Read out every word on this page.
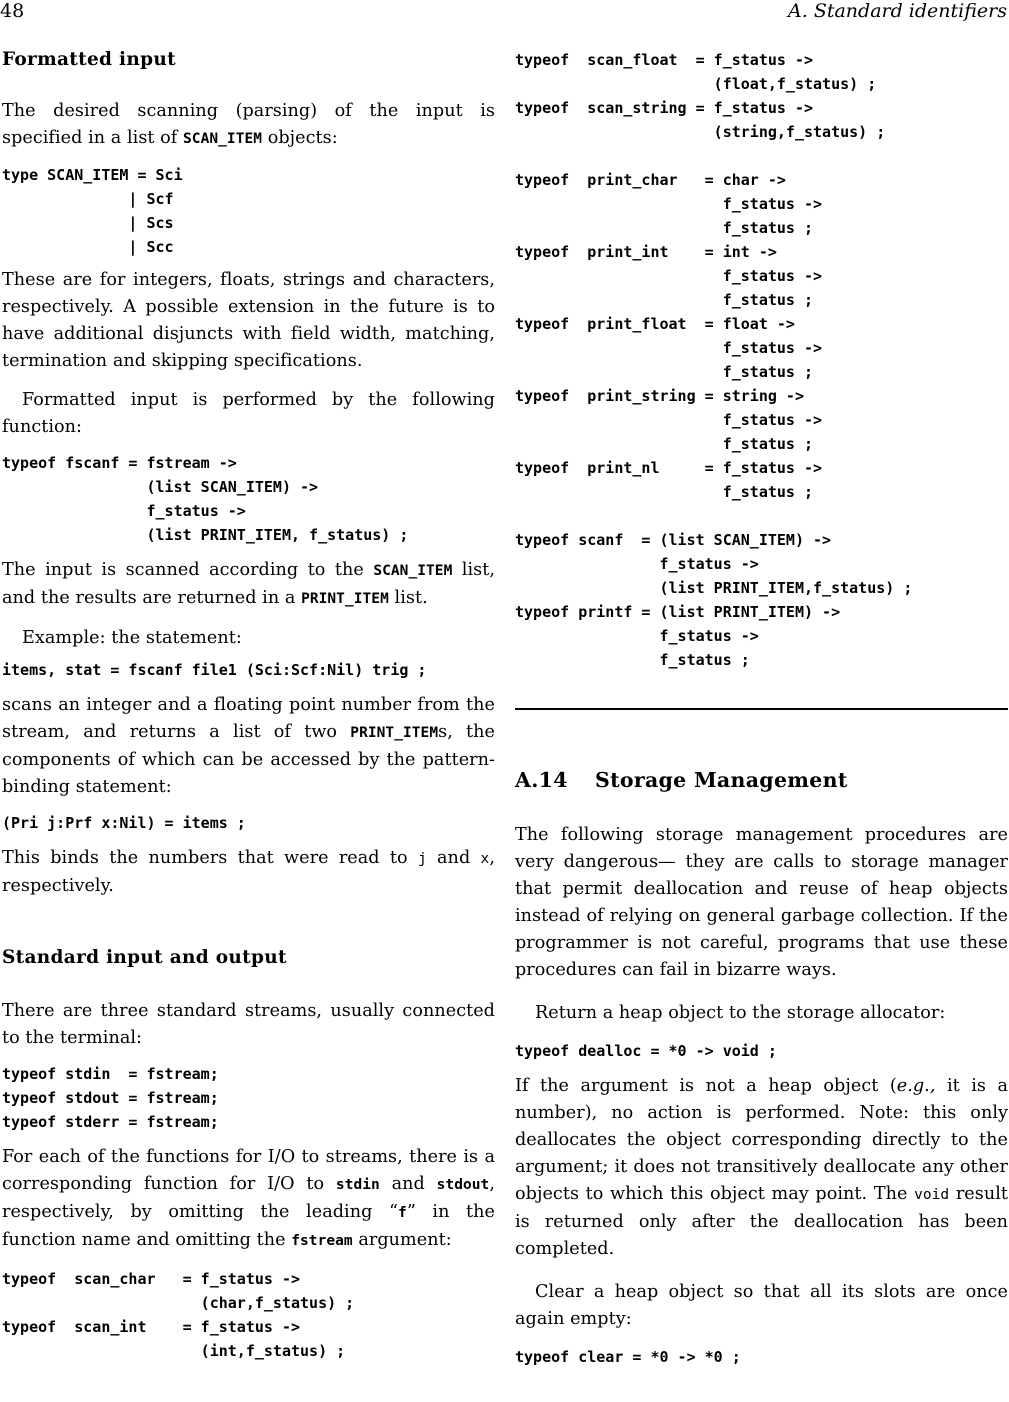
48	A. Standard identifiers
Formatted input

The desired scanning (parsing) of the input is specified in a list of SCAN_ITEM objects:

type SCAN_ITEM = Sci
| Scf
| Scs
| Scc

These are for integers, floats, strings and characters, respectively. A possible extension in the future is to have additional disjuncts with field width, matching, termination and skipping specifications.

Formatted input is performed by the following function:

typeof fscanf = fstream ->
(list SCAN_ITEM) ->
f_status ->
(list PRINT_ITEM, f_status) ;

The input is scanned according to the SCAN_ITEM list, and the results are returned in a PRINT_ITEM list.

Example: the statement:

items, stat = fscanf file1 (Sci:Scf:Nil) trig ;

scans an integer and a floating point number from the stream, and returns a list of two PRINT_ITEMs, the components of which can be accessed by the pattern-binding statement:

(Pri j:Prf x:Nil) = items ;

This binds the numbers that were read to j and x, respectively.

Standard input and output

There are three standard streams, usually connected to the terminal:

typeof stdin  = fstream;
typeof stdout = fstream;
typeof stderr = fstream;

For each of the functions for I/O to streams, there is a corresponding function for I/O to stdin and stdout, respectively, by omitting the leading “f” in the function name and omitting the fstream argument:

typeof  scan_char   = f_status ->
(char,f_status) ;
typeof  scan_int    = f_status ->
(int,f_status) ;
typeof  scan_float  = f_status ->
(float,f_status) ;
typeof  scan_string = f_status ->
(string,f_status) ;
typeof  print_char   = char ->
f_status ->
f_status ;
typeof  print_int    = int ->
f_status ->
f_status ;
typeof  print_float  = float ->
f_status ->
f_status ;
typeof  print_string = string ->
f_status ->
f_status ;
typeof  print_nl     = f_status ->
f_status ;
typeof scanf  = (list SCAN_ITEM) ->
f_status ->
(list PRINT_ITEM,f_status) ;
typeof printf = (list PRINT_ITEM) ->
f_status ->
f_status ;
A.14 Storage Management

The following storage management procedures are very dangerous— they are calls to storage manager that permit deallocation and reuse of heap objects instead of relying on general garbage collection. If the programmer is not careful, programs that use these procedures can fail in bizarre ways.

Return a heap object to the storage allocator:

typeof dealloc = *0 -> void ;

If the argument is not a heap object (e.g., it is a number), no action is performed. Note: this only deallocates the object corresponding directly to the argument; it does not transitively deallocate any other objects to which this object may point. The void result is returned only after the deallocation has been completed.

Clear a heap object so that all its slots are once again empty:

typeof clear = *0 -> *0 ;
